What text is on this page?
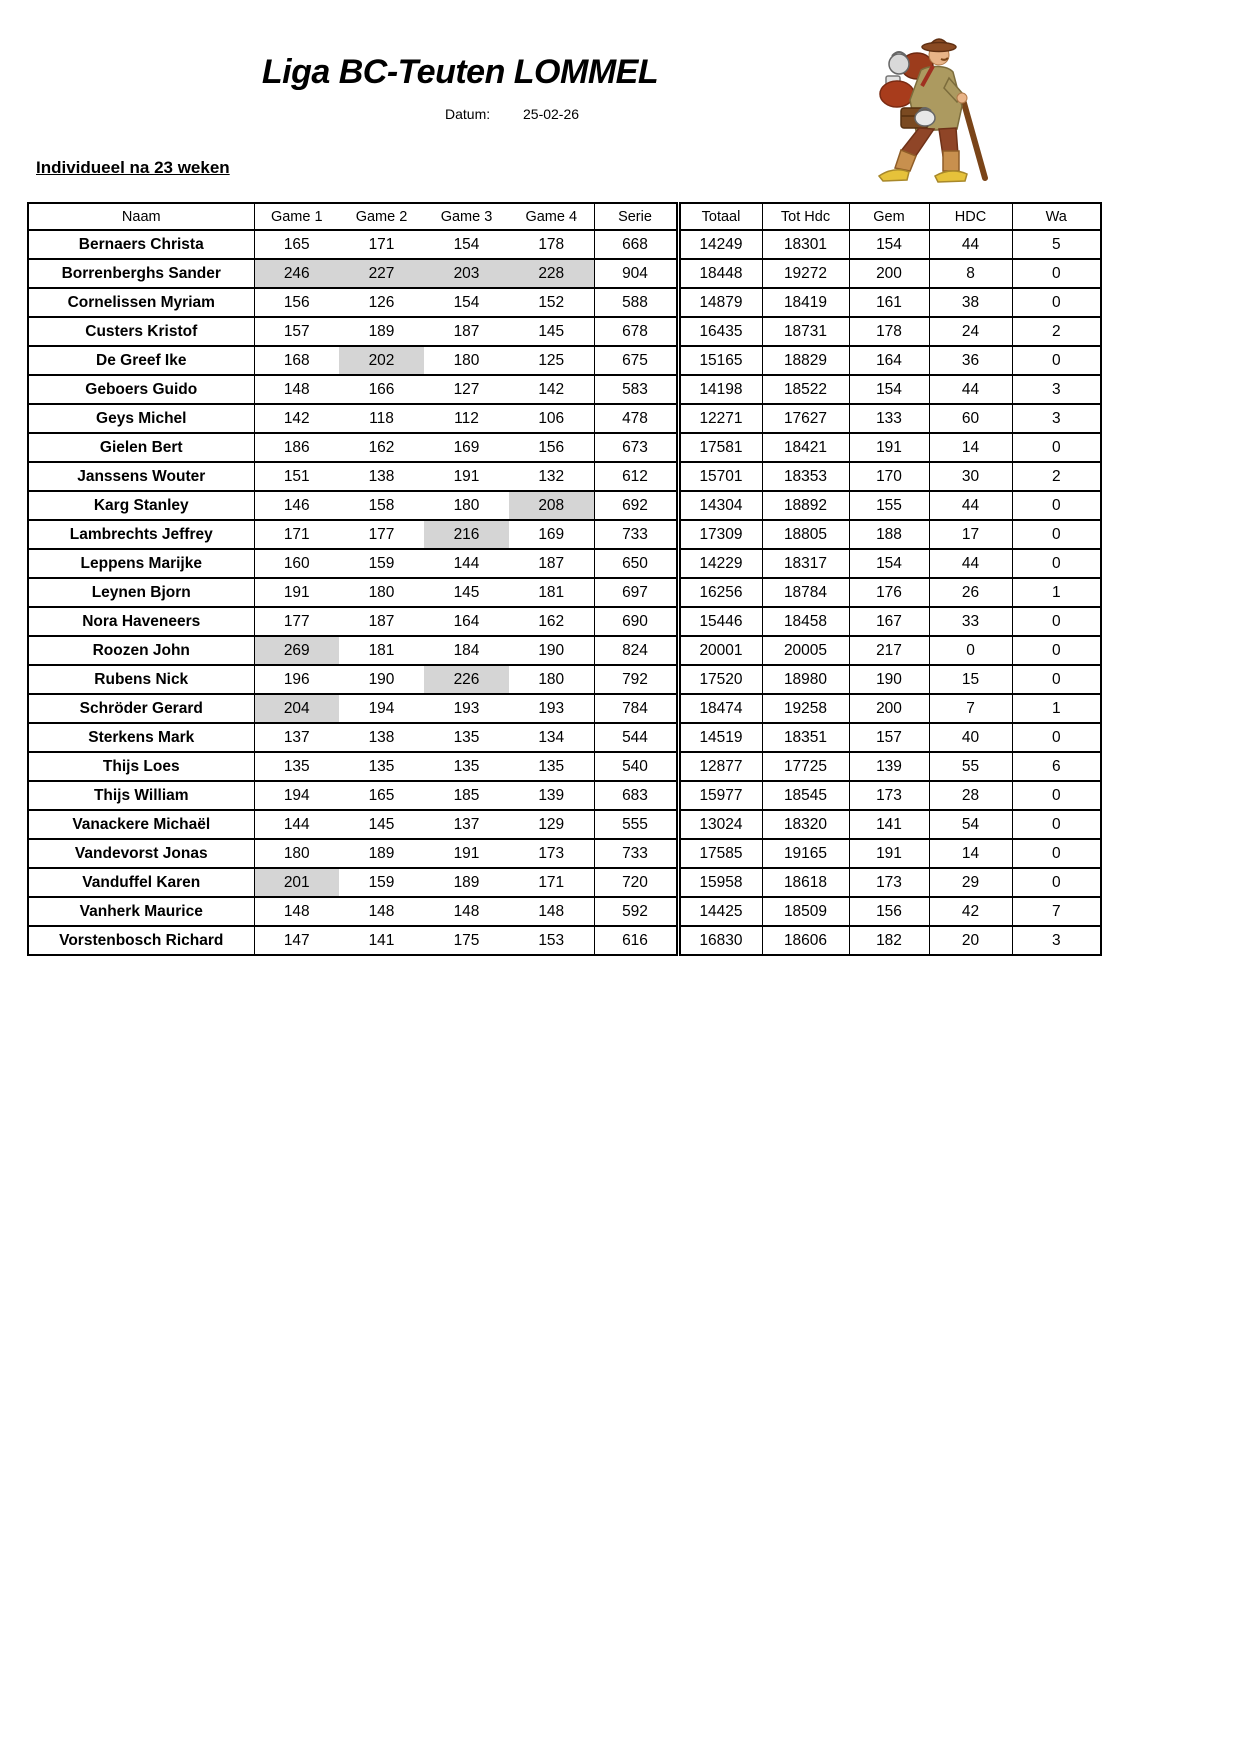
Liga BC-Teuten LOMMEL
Datum: 25-02-26
Individueel na 23 weken
Naam	Game 1	Game 2	Game 3	Game 4	Serie	Totaal	Tot Hdc	Gem	HDC	Wa
Bernaers Christa	165	171	154	178	668	14249	18301	154	44	5
Borrenberghs Sander	246	227	203	228	904	18448	19272	200	8	0
Cornelissen Myriam	156	126	154	152	588	14879	18419	161	38	0
Custers Kristof	157	189	187	145	678	16435	18731	178	24	2
De Greef Ike	168	202	180	125	675	15165	18829	164	36	0
Geboers Guido	148	166	127	142	583	14198	18522	154	44	3
Geys Michel	142	118	112	106	478	12271	17627	133	60	3
Gielen Bert	186	162	169	156	673	17581	18421	191	14	0
Janssens Wouter	151	138	191	132	612	15701	18353	170	30	2
Karg Stanley	146	158	180	208	692	14304	18892	155	44	0
Lambrechts Jeffrey	171	177	216	169	733	17309	18805	188	17	0
Leppens Marijke	160	159	144	187	650	14229	18317	154	44	0
Leynen Bjorn	191	180	145	181	697	16256	18784	176	26	1
Nora Haveneers	177	187	164	162	690	15446	18458	167	33	0
Roozen John	269	181	184	190	824	20001	20005	217	0	0
Rubens Nick	196	190	226	180	792	17520	18980	190	15	0
Schröder Gerard	204	194	193	193	784	18474	19258	200	7	1
Sterkens Mark	137	138	135	134	544	14519	18351	157	40	0
Thijs Loes	135	135	135	135	540	12877	17725	139	55	6
Thijs William	194	165	185	139	683	15977	18545	173	28	0
Vanackere Michaël	144	145	137	129	555	13024	18320	141	54	0
Vandevorst Jonas	180	189	191	173	733	17585	19165	191	14	0
Vanduffel Karen	201	159	189	171	720	15958	18618	173	29	0
Vanherk Maurice	148	148	148	148	592	14425	18509	156	42	7
Vorstenbosch Richard	147	141	175	153	616	16830	18606	182	20	3
